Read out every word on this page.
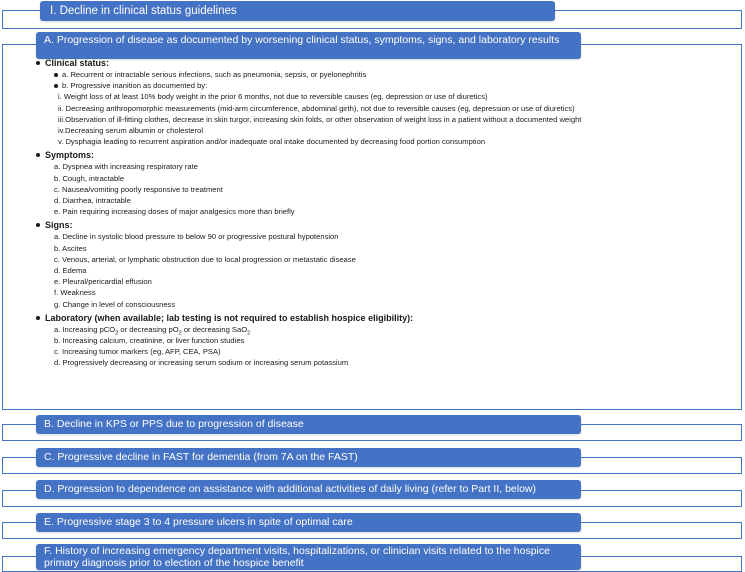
I. Decline in clinical status guidelines
A. Progression of disease as documented by worsening clinical status, symptoms, signs, and laboratory results
Clinical status:
a. Recurrent or intractable serious infections, such as pneumonia, sepsis, or pyelonephritis
b. Progressive inanition as documented by:
i. Weight loss of at least 10% body weight in the prior 6 months, not due to reversible causes (eg, depression or use of diuretics)
ii. Decreasing anthropomorphic measurements (mid-arm circumference, abdominal girth), not due to reversible causes (eg, depression or use of diuretics)
iii.Observation of ill-fitting clothes, decrease in skin turgor, increasing skin folds, or other observation of weight loss in a patient without a documented weight
iv.Decreasing serum albumin or cholesterol
v. Dysphagia leading to recurrent aspiration and/or inadequate oral intake documented by decreasing food portion consumption
Symptoms:
a. Dyspnea with increasing respiratory rate
b. Cough, intractable
c. Nausea/vomiting poorly responsive to treatment
d. Diarrhea, intractable
e. Pain requiring increasing doses of major analgesics more than briefly
Signs:
a. Decline in systolic blood pressure to below 90 or progressive postural hypotension
b. Ascites
c. Venous, arterial, or lymphatic obstruction due to local progression or metastatic disease
d. Edema
e. Pleural/pericardial effusion
f. Weakness
g. Change in level of consciousness
Laboratory (when available; lab testing is not required to establish hospice eligibility):
a. Increasing pCO$_2$ or decreasing $pO_2$ or decreasing SaO$_2$
b. Increasing calcium, creatinine, or liver function studies
c. Increasing tumor markers (eg, AFP, CEA, PSA)
d. Progressively decreasing or increasing serum sodium or increasing serum potassium
B. Decline in KPS or PPS due to progression of disease
C. Progressive decline in FAST for dementia (from 7A on the FAST)
D. Progression to dependence on assistance with additional activities of daily living (refer to Part II, below)
E. Progressive stage 3 to 4 pressure ulcers in spite of optimal care
F. History of increasing emergency department visits, hospitalizations, or clinician visits related to the hospice primary diagnosis prior to election of the hospice benefit
